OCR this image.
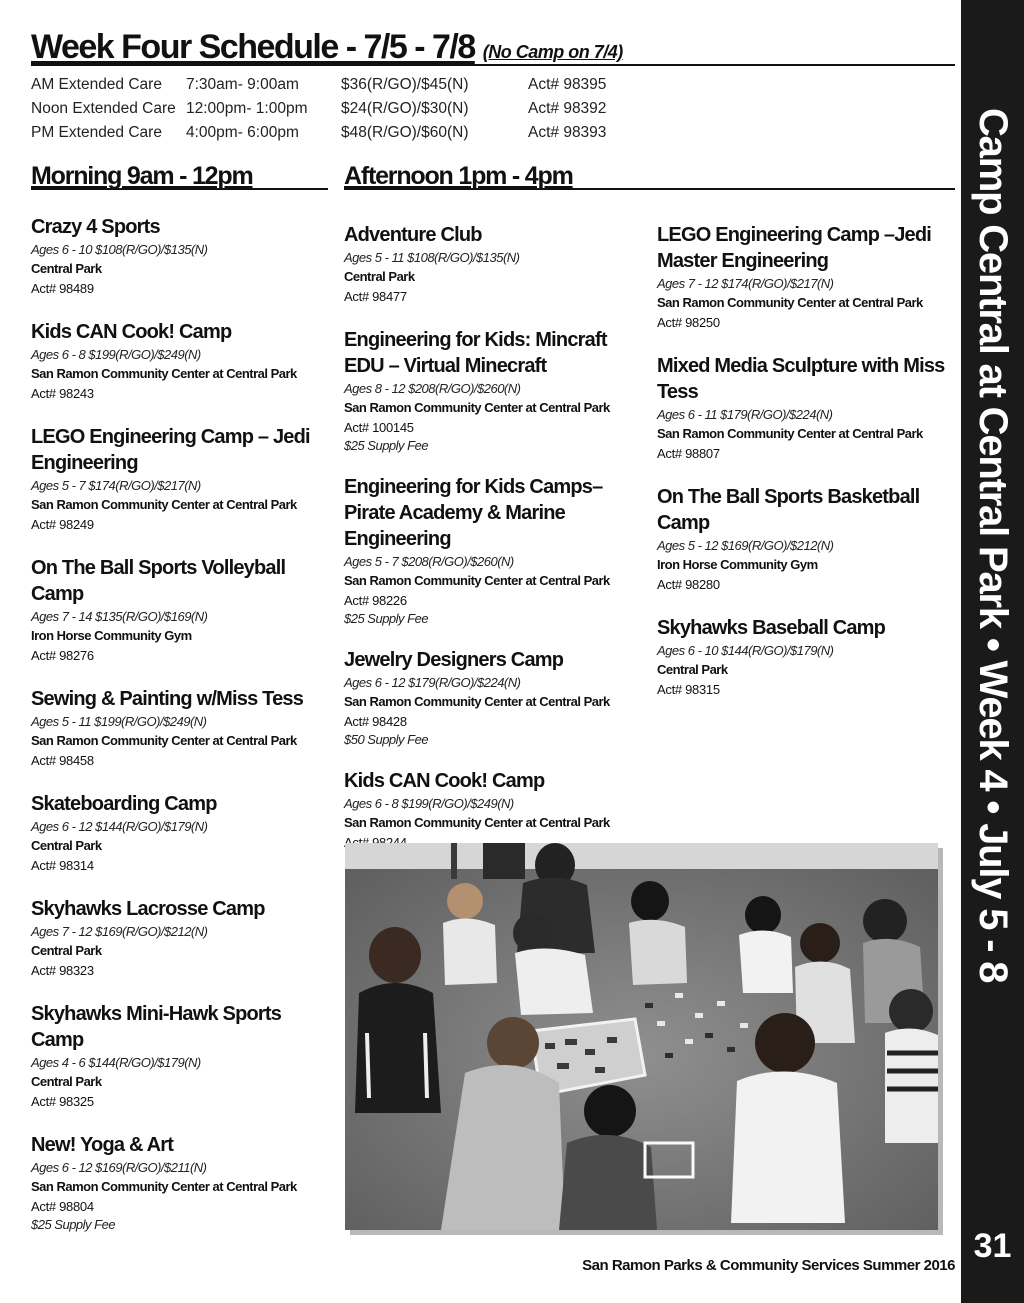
Week Four Schedule - 7/5 - 7/8 (No Camp on 7/4)
AM Extended Care 7:30am- 9:00am	$36(R/GO)/$45(N)	Act# 98395
Noon Extended Care 12:00pm- 1:00pm $24(R/GO)/$30(N)	Act# 98392
PM Extended Care 4:00pm- 6:00pm	$48(R/GO)/$60(N)	Act# 98393
Morning 9am - 12pm	Afternoon 1pm - 4pm
Crazy 4 Sports
Ages 6 - 10 $108(R/GO)/$135(N)
Central Park
Act# 98489
Kids CAN Cook! Camp
Ages 6 - 8 $199(R/GO)/$249(N)
San Ramon Community Center at Central Park
Act# 98243
LEGO Engineering Camp – Jedi Engineering
Ages 5 - 7 $174(R/GO)/$217(N)
San Ramon Community Center at Central Park
Act# 98249
On The Ball Sports Volleyball Camp
Ages 7 - 14 $135(R/GO)/$169(N)
Iron Horse Community Gym
Act# 98276
Sewing & Painting w/Miss Tess
Ages 5 - 11 $199(R/GO)/$249(N)
San Ramon Community Center at Central Park
Act# 98458
Skateboarding Camp
Ages 6 - 12 $144(R/GO)/$179(N)
Central Park
Act# 98314
Skyhawks Lacrosse Camp
Ages 7 - 12 $169(R/GO)/$212(N)
Central Park
Act# 98323
Skyhawks Mini-Hawk Sports Camp
Ages 4 - 6 $144(R/GO)/$179(N)
Central Park
Act# 98325
New! Yoga & Art
Ages 6 - 12 $169(R/GO)/$211(N)
San Ramon Community Center at Central Park
Act# 98804
$25 Supply Fee
Adventure Club
Ages 5 - 11 $108(R/GO)/$135(N)
Central Park
Act# 98477
Engineering for Kids: Mincraft EDU – Virtual Minecraft
Ages 8 - 12 $208(R/GO)/$260(N)
San Ramon Community Center at Central Park
Act# 100145
$25 Supply Fee
Engineering for Kids Camps– Pirate Academy & Marine Engineering
Ages 5 - 7 $208(R/GO)/$260(N)
San Ramon Community Center at Central Park
Act# 98226
$25 Supply Fee
Jewelry Designers Camp
Ages 6 - 12 $179(R/GO)/$224(N)
San Ramon Community Center at Central Park
Act# 98428
$50 Supply Fee
Kids CAN Cook! Camp
Ages 6 - 8 $199(R/GO)/$249(N)
San Ramon Community Center at Central Park
LEGO Engineering Camp –Jedi Master Engineering
Ages 7 - 12 $174(R/GO)/$217(N)
San Ramon Community Center at Central Park
Act# 98250
Mixed Media Sculpture with Miss Tess
Ages 6 - 11 $179(R/GO)/$224(N)
San Ramon Community Center at Central Park
Act# 98807
On The Ball Sports Basketball Camp
Ages 5 - 12 $169(R/GO)/$212(N)
Iron Horse Community Gym
Act# 98280
Skyhawks Baseball Camp
Ages 6 - 10 $144(R/GO)/$179(N)
Central Park
Act# 98315	Camp Central at Central Park • Week 4 • July 5 - 8
31
San Ramon Parks & Community Services Summer 2016
